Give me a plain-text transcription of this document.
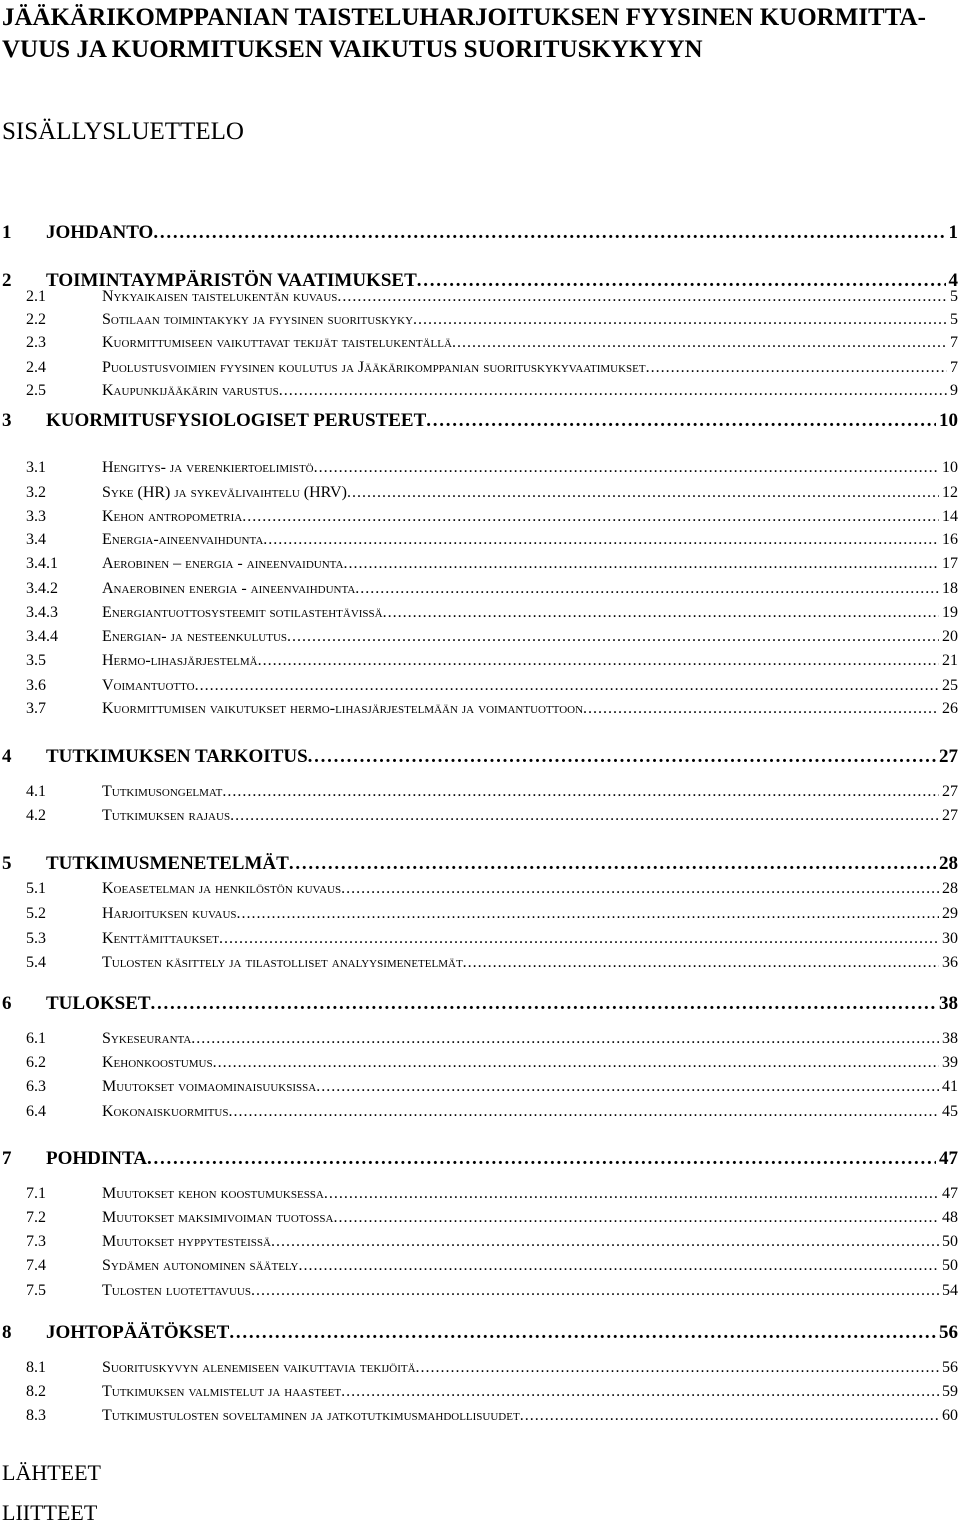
JÄÄKÄRIKOMPPANIAN TAISTELUHARJOITUKSEN FYYSINEN KUORMITTA-
VUUS JA KUORMITUKSEN VAIKUTUS SUORITUSKYKYYN
SISÄLLYSLUETTELO
1	JOHDANTO . . .	1
2	TOIMINTAYMPÄRISTÖN VAATIMUKSET . . .	4
2.1	Nykyaikaisen taistelukentän kuvaus . . .	5
2.2	Sotilaan toimintakyky ja fyysinen suorituskyky . . .	5
2.3	Kuormittumiseen vaikuttavat tekijät taistelukentällä . . .	7
2.4	Puolustusvoimien fyysinen koulutus ja Jääkärikomppanian suorituskykyvaatimukset . . .	7
2.5	Kaupunkijääkärin varustus . . .	9
3	KUORMITUSFYSIOLOGISET PERUSTEET . . .	10
3.1	Hengitys- ja verenkiertoelimistö . . .	10
3.2	Syke (HR) ja sykevälivaihtelu (HRV) . . .	12
3.3	Kehon antropometria . . .	14
3.4	Energia-aineenvaihdunta . . .	16
3.4.1	Aerobinen – energia - aineenvaidunta . . .	17
3.4.2	Anaerobinen energia - aineenvaihdunta . . .	18
3.4.3	Energiantuottosysteemit sotilastehtävissä . . .	19
3.4.4	Energian- ja nesteenkulutus . . .	20
3.5	Hermo-lihasjärjestelmä . . .	21
3.6	Voimantuotto . . .	25
3.7	Kuormittumisen vaikutukset hermo-lihasjärjestelmään ja voimantuottoon . . .	26
4	TUTKIMUKSEN TARKOITUS . . .	27
4.1	Tutkimusongelmat . . .	27
4.2	Tutkimuksen rajaus . . .	27
5	TUTKIMUSMENETELMÄT . . .	28
5.1	Koeasetelman ja henkilöstön kuvaus . . .	28
5.2	Harjoituksen kuvaus . . .	29
5.3	Kenttämittaukset . . .	30
5.4	Tulosten käsittely ja tilastolliset analyysimenetelmät . . .	36
6	TULOKSET . . .	38
6.1	Sykeseuranta . . .	38
6.2	Kehonkoostumus . . .	39
6.3	Muutokset voimaominaisuuksissa . . .	41
6.4	Kokonaiskuormitus . . .	45
7	POHDINTA . . .	47
7.1	Muutokset kehon koostumuksessa . . .	47
7.2	Muutokset maksimivoiman tuotossa . . .	48
7.3	Muutokset hyppytesteissä . . .	50
7.4	Sydämen autonominen säätely . . .	50
7.5	Tulosten luotettavuus . . .	54
8	JOHTOPÄÄTÖKSET . . .	56
8.1	Suorituskyvyn alenemiseen vaikuttavia tekijöitä . . .	56
8.2	Tutkimuksen valmistelut ja haasteet . . .	59
8.3	Tutkimustulosten soveltaminen ja jatkotutkimusmahdollisuudet . . .	60
LÄHTEET
LIITTEET
